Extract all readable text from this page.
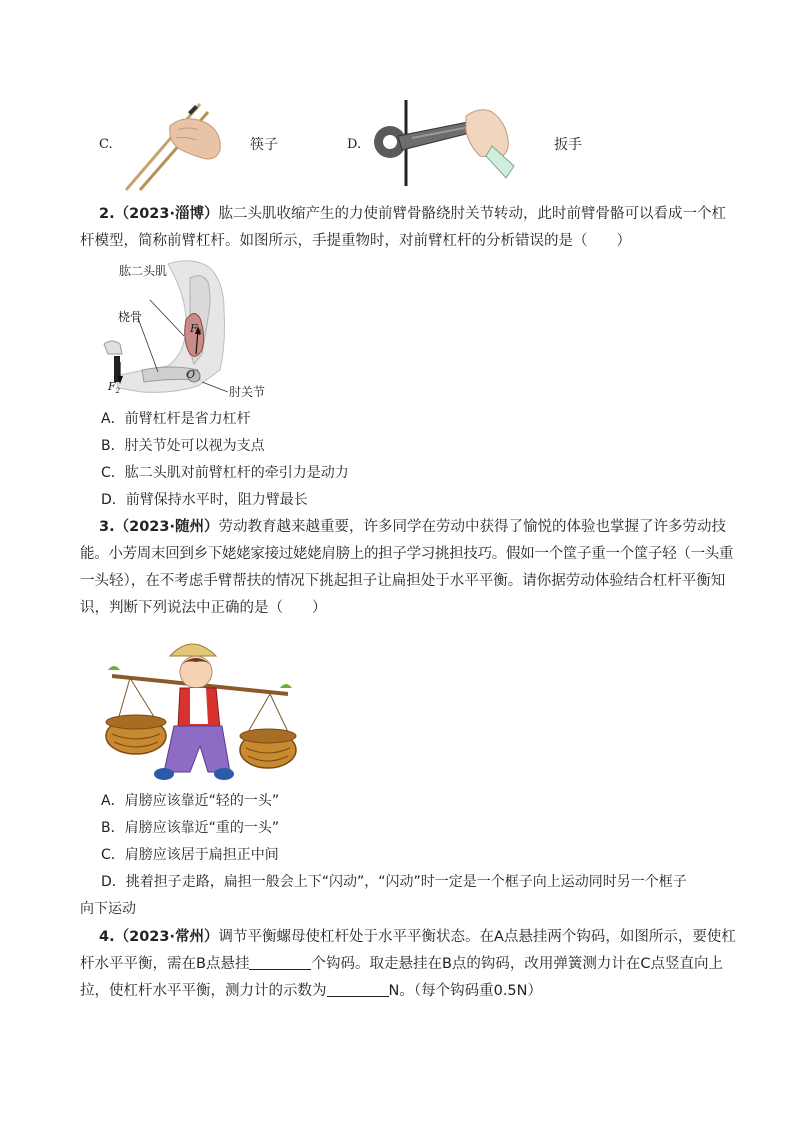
C.	筷子	D.	扳手
2.（2023·淄博）肱二头肌收缩产生的力使前臂骨骼绕肘关节转动，此时前臂骨骼可以看成一个杠
杆模型，简称前臂杠杆。如图所示，手提重物时，对前臂杠杆的分析错误的是（　　）
肱二头肌
桡骨
$F_1$
$F_2$
O
肘关节
A．前臂杠杆是省力杠杆
B．肘关节处可以视为支点
C．肱二头肌对前臂杠杆的牵引力是动力
D．前臂保持水平时，阻力臂最长
3.（2023·随州）劳动教育越来越重要，许多同学在劳动中获得了愉悦的体验也掌握了许多劳动技
能。小芳周末回到乡下姥姥家接过姥姥肩膀上的担子学习挑担技巧。假如一个筐子重一个筐子轻（一头重
一头轻），在不考虑手臂帮扶的情况下挑起担子让扁担处于水平平衡。请你据劳动体验结合杠杆平衡知
识，判断下列说法中正确的是（　　）
A．肩膀应该靠近“轻的一头”
B．肩膀应该靠近“重的一头”
C．肩膀应该居于扁担正中间
D．挑着担子走路，扁担一般会上下“闪动”，“闪动”时一定是一个框子向上运动同时另一个框子
向下运动
4.（2023·常州）调节平衡螺母使杠杆处于水平平衡状态。在A点悬挂两个钩码，如图所示，要使杠
杆水平平衡，需在B点悬挂	个钩码。取走悬挂在B点的钩码，改用弹簧测力计在C点竖直向上
拉，使杠杆水平平衡，测力计的示数为	N。（每个钩码重0.5N）
